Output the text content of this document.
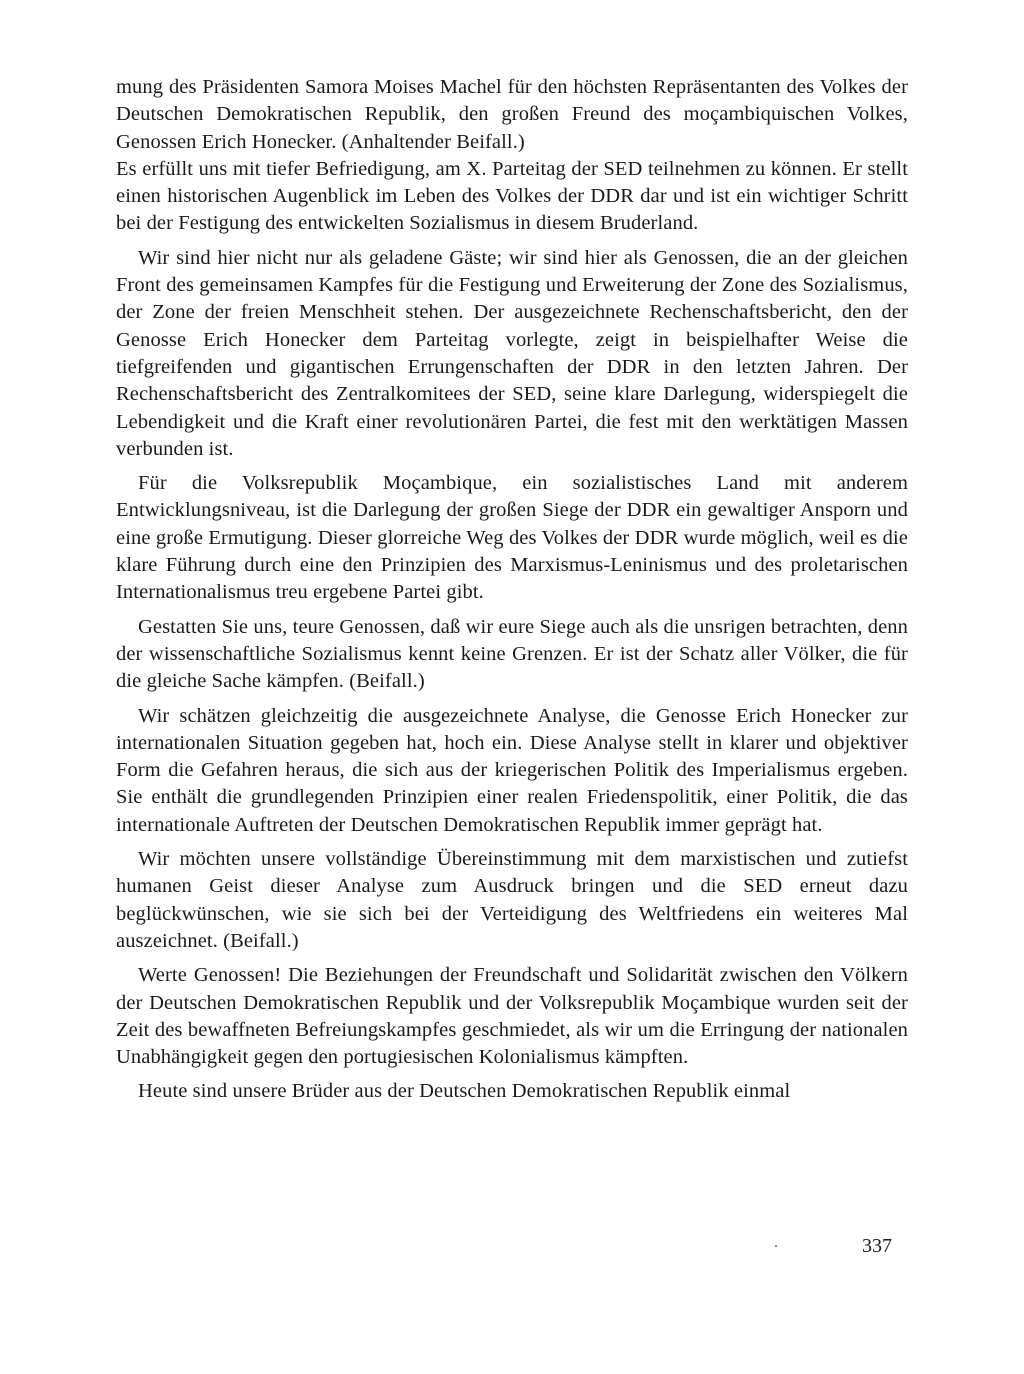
mung des Präsidenten Samora Moises Machel für den höchsten Repräsentanten des Volkes der Deutschen Demokratischen Republik, den großen Freund des moçambiquischen Volkes, Genossen Erich Honecker. (Anhaltender Beifall.)

Es erfüllt uns mit tiefer Befriedigung, am X. Parteitag der SED teilnehmen zu können. Er stellt einen historischen Augenblick im Leben des Volkes der DDR dar und ist ein wichtiger Schritt bei der Festigung des entwickelten Sozialismus in diesem Bruderland.

Wir sind hier nicht nur als geladene Gäste; wir sind hier als Genossen, die an der gleichen Front des gemeinsamen Kampfes für die Festigung und Erweiterung der Zone des Sozialismus, der Zone der freien Menschheit stehen. Der ausgezeichnete Rechenschaftsbericht, den der Genosse Erich Honecker dem Parteitag vorlegte, zeigt in beispielhafter Weise die tiefgreifenden und gigantischen Errungenschaften der DDR in den letzten Jahren. Der Rechenschaftsbericht des Zentralkomitees der SED, seine klare Darlegung, widerspiegelt die Lebendigkeit und die Kraft einer revolutionären Partei, die fest mit den werktätigen Massen verbunden ist.

Für die Volksrepublik Moçambique, ein sozialistisches Land mit anderem Entwicklungsniveau, ist die Darlegung der großen Siege der DDR ein gewaltiger Ansporn und eine große Ermutigung. Dieser glorreiche Weg des Volkes der DDR wurde möglich, weil es die klare Führung durch eine den Prinzipien des Marxismus-Leninismus und des proletarischen Internationalismus treu ergebene Partei gibt.

Gestatten Sie uns, teure Genossen, daß wir eure Siege auch als die unsrigen betrachten, denn der wissenschaftliche Sozialismus kennt keine Grenzen. Er ist der Schatz aller Völker, die für die gleiche Sache kämpfen. (Beifall.)

Wir schätzen gleichzeitig die ausgezeichnete Analyse, die Genosse Erich Honecker zur internationalen Situation gegeben hat, hoch ein. Diese Analyse stellt in klarer und objektiver Form die Gefahren heraus, die sich aus der kriegerischen Politik des Imperialismus ergeben. Sie enthält die grundlegenden Prinzipien einer realen Friedenspolitik, einer Politik, die das internationale Auftreten der Deutschen Demokratischen Republik immer geprägt hat.

Wir möchten unsere vollständige Übereinstimmung mit dem marxistischen und zutiefst humanen Geist dieser Analyse zum Ausdruck bringen und die SED erneut dazu beglückwünschen, wie sie sich bei der Verteidigung des Weltfriedens ein weiteres Mal auszeichnet. (Beifall.)

Werte Genossen! Die Beziehungen der Freundschaft und Solidarität zwischen den Völkern der Deutschen Demokratischen Republik und der Volksrepublik Moçambique wurden seit der Zeit des bewaffneten Befreiungskampfes geschmiedet, als wir um die Erringung der nationalen Unabhängigkeit gegen den portugiesischen Kolonialismus kämpften.

Heute sind unsere Brüder aus der Deutschen Demokratischen Republik einmal

337
